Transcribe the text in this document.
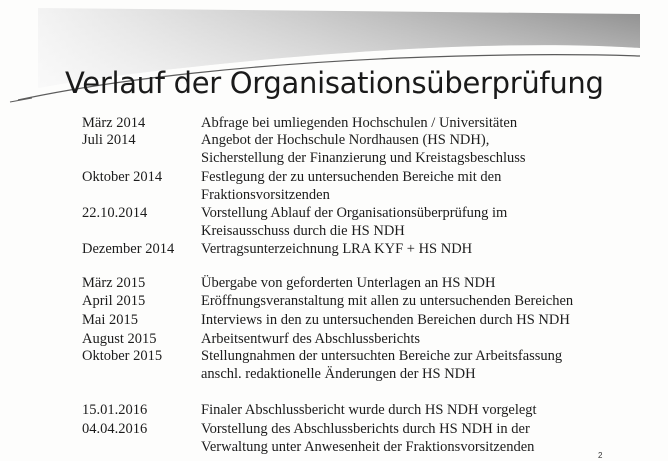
Verlauf der Organisationsüberprüfung
März 2014	Abfrage bei umliegenden Hochschulen / Universitäten
Juli 2014	Angebot der Hochschule Nordhausen (HS NDH),
Sicherstellung der Finanzierung und Kreistagsbeschluss
Oktober 2014	Festlegung der zu untersuchenden Bereiche mit den
Fraktionsvorsitzenden
22.10.2014	Vorstellung Ablauf der Organisationsüberprüfung im
Kreisausschuss durch die HS NDH
Dezember 2014 Vertragsunterzeichnung LRA KYF + HS NDH
März 2015	Übergabe von geforderten Unterlagen an HS NDH
April 2015	Eröffnungsveranstaltung mit allen zu untersuchenden Bereichen
Mai 2015	Interviews in den zu untersuchenden Bereichen durch HS NDH
August 2015	Arbeitsentwurf des Abschlussberichts
Oktober 2015	Stellungnahmen der untersuchten Bereiche zur Arbeitsfassung
anschl. redaktionelle Änderungen der HS NDH
15.01.2016	Finaler Abschlussbericht wurde durch HS NDH vorgelegt
04.04.2016	Vorstellung des Abschlussberichts durch HS NDH in der
Verwaltung unter Anwesenheit der Fraktionsvorsitzenden
2
